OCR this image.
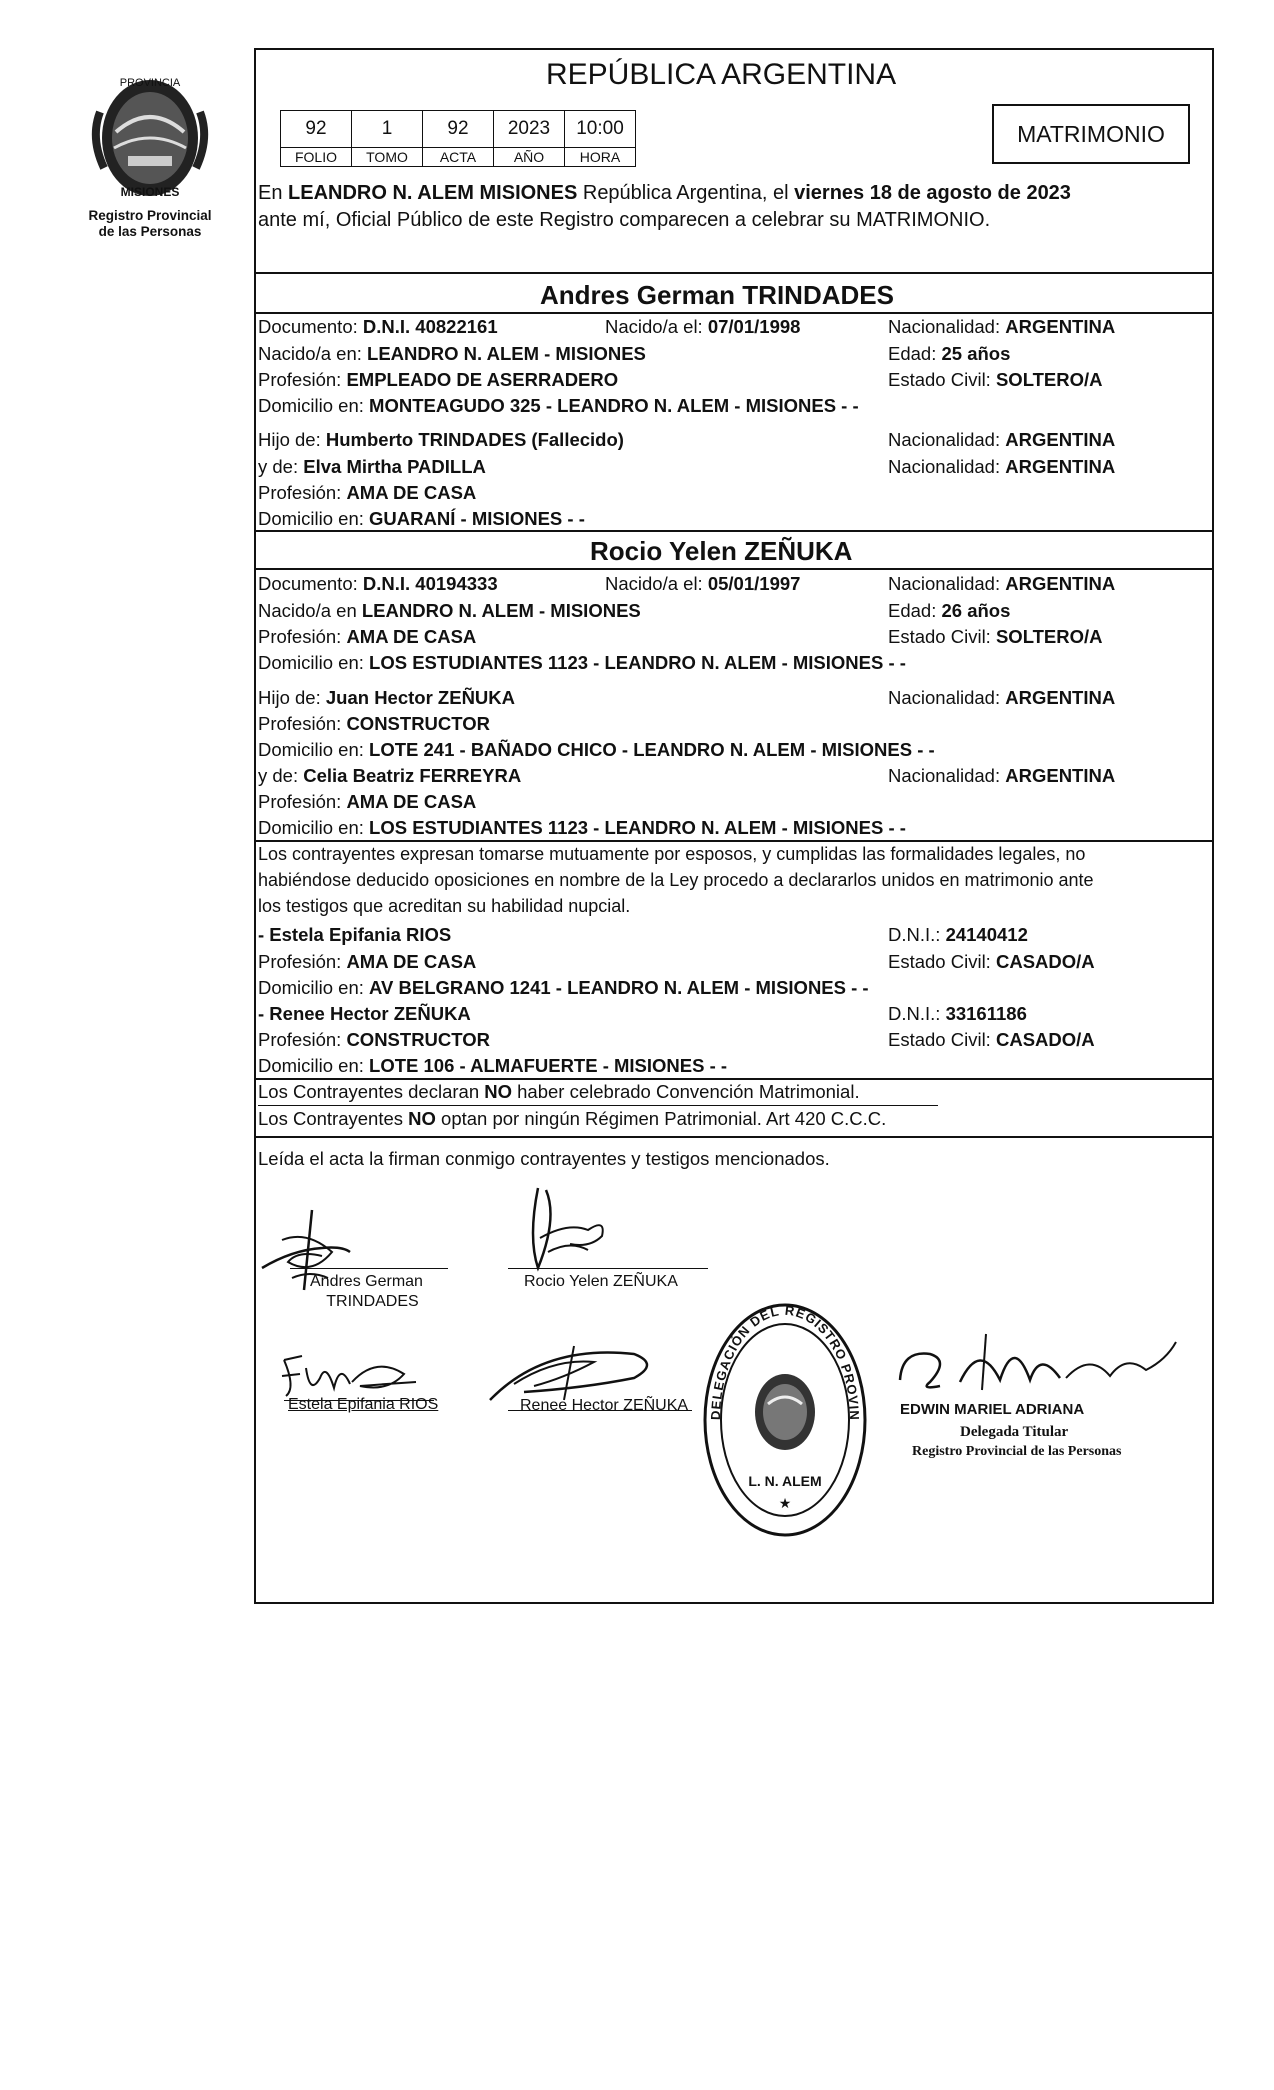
PROVINCIA
MISIONES
Registro Provincial
de las Personas
REPÚBLICA ARGENTINA
92	1	92	2023	10:00
FOLIO	TOMO	ACTA	AÑO	HORA
MATRIMONIO
En LEANDRO N. ALEM MISIONES República Argentina, el viernes 18 de agosto de 2023
ante mí, Oficial Público de este Registro comparecen a celebrar su MATRIMONIO.
Andres German TRINDADES
Documento: D.N.I. 40822161	Nacido/a el: 07/01/1998	Nacionalidad: ARGENTINA
Nacido/a en: LEANDRO N. ALEM - MISIONES	Edad: 25 años
Profesión: EMPLEADO DE ASERRADERO	Estado Civil: SOLTERO/A
Domicilio en: MONTEAGUDO 325 - LEANDRO N. ALEM - MISIONES - -
Hijo de: Humberto TRINDADES (Fallecido)	Nacionalidad: ARGENTINA
y de: Elva Mirtha PADILLA	Nacionalidad: ARGENTINA
Profesión: AMA DE CASA
Domicilio en: GUARANÍ - MISIONES - -
Rocio Yelen ZEÑUKA
Documento: D.N.I. 40194333	Nacido/a el: 05/01/1997	Nacionalidad: ARGENTINA
Nacido/a en LEANDRO N. ALEM - MISIONES	Edad: 26 años
Profesión: AMA DE CASA	Estado Civil: SOLTERO/A
Domicilio en: LOS ESTUDIANTES 1123 - LEANDRO N. ALEM - MISIONES - -
Hijo de: Juan Hector ZEÑUKA	Nacionalidad: ARGENTINA
Profesión: CONSTRUCTOR
Domicilio en: LOTE 241 - BAÑADO CHICO - LEANDRO N. ALEM - MISIONES - -
y de: Celia Beatriz FERREYRA	Nacionalidad: ARGENTINA
Profesión: AMA DE CASA
Domicilio en: LOS ESTUDIANTES 1123 - LEANDRO N. ALEM - MISIONES - -
Los contrayentes expresan tomarse mutuamente por esposos, y cumplidas las formalidades legales, no
habiéndose deducido oposiciones en nombre de la Ley procedo a declararlos unidos en matrimonio ante
los testigos que acreditan su habilidad nupcial.
- Estela Epifania RIOS	D.N.I.: 24140412
Profesión: AMA DE CASA	Estado Civil: CASADO/A
Domicilio en: AV BELGRANO 1241 - LEANDRO N. ALEM - MISIONES - -
- Renee Hector ZEÑUKA	D.N.I.: 33161186
Profesión: CONSTRUCTOR	Estado Civil: CASADO/A
Domicilio en: LOTE 106 - ALMAFUERTE - MISIONES - -
Los Contrayentes declaran NO haber celebrado Convención Matrimonial.
Los Contrayentes NO optan por ningún Régimen Patrimonial. Art 420 C.C.C.
Leída el acta la firman conmigo contrayentes y testigos mencionados.
Andres German
TRINDADES
Rocio Yelen ZEÑUKA
Estela Epifania RIOS	Renee Hector ZEÑUKA
DELEGACIÓN DEL REGISTRO PROVIN
L. N. ALEM
★
EDWIN MARIEL ADRIANA
Delegada Titular
Registro Provincial de las Personas
